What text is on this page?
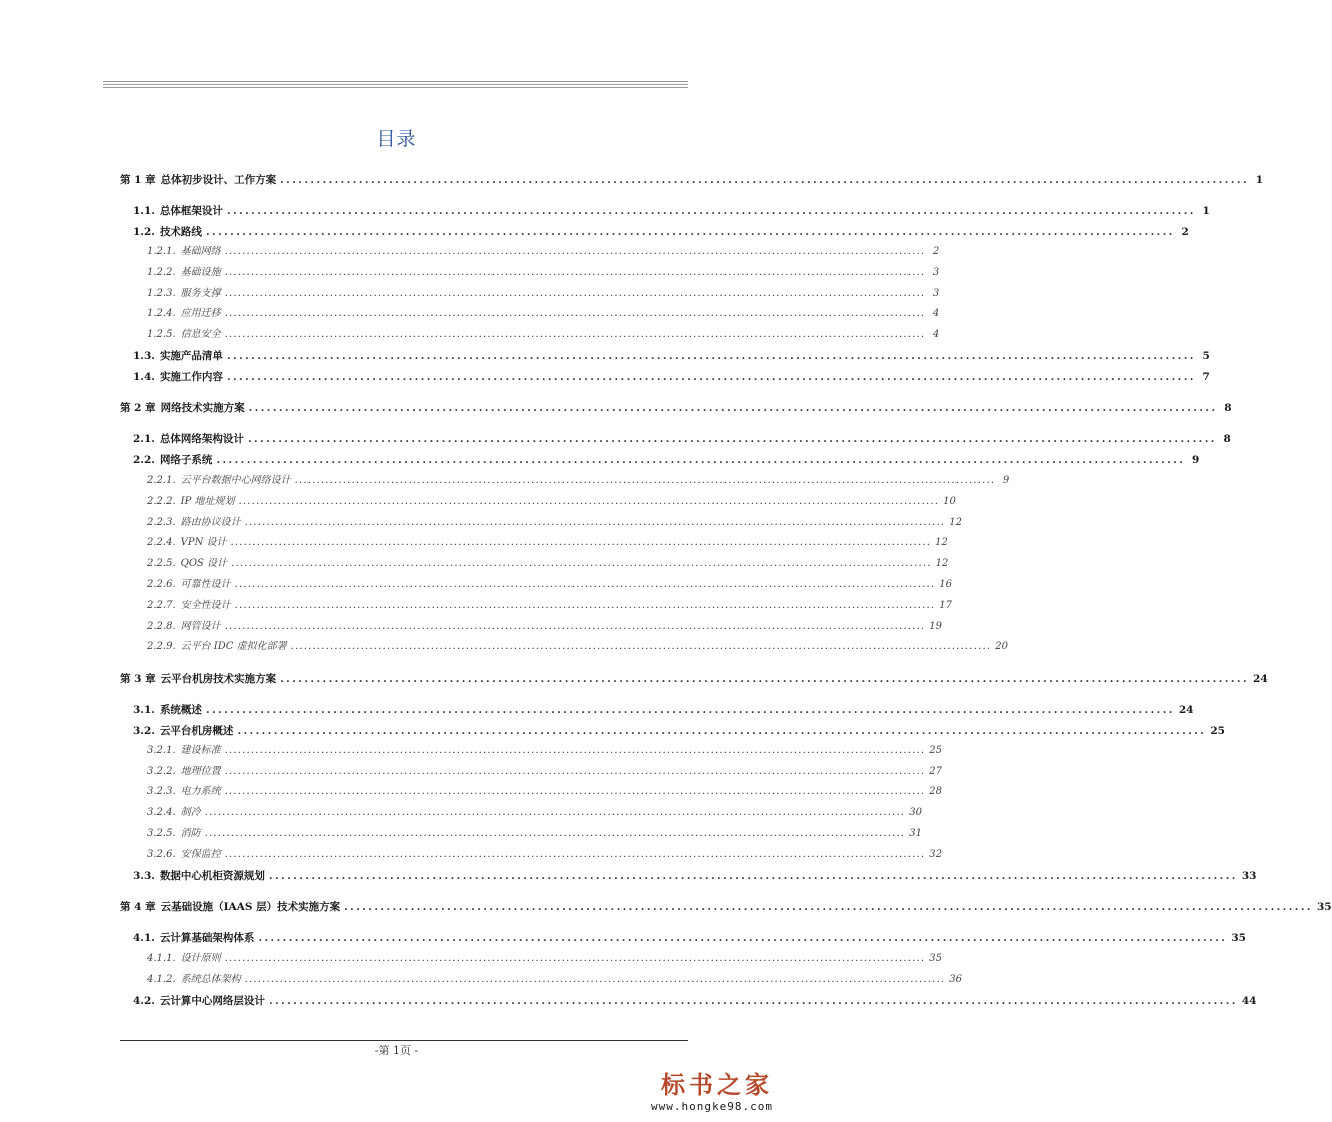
目录
第 1 章 总体初步设计、工作方案 ................................................................................................................................................................ 1
1.1. 总体框架设计 ................................................................................................................................................................ 1
1.2. 技术路线 ................................................................................................................................................................ 2
1.2.1. 基础网络 ................................................................................................................................................................ 2
1.2.2. 基础设施 ................................................................................................................................................................ 3
1.2.3. 服务支撑 ................................................................................................................................................................ 3
1.2.4. 应用迁移 ................................................................................................................................................................ 4
1.2.5. 信息安全 ................................................................................................................................................................ 4
1.3. 实施产品清单 ................................................................................................................................................................ 5
1.4. 实施工作内容 ................................................................................................................................................................ 7
第 2 章 网络技术实施方案 ................................................................................................................................................................ 8
2.1. 总体网络架构设计 ................................................................................................................................................................ 8
2.2. 网络子系统 ................................................................................................................................................................ 9
2.2.1. 云平台数据中心网络设计 ................................................................................................................................................................ 9
2.2.2. IP 地址规划 ................................................................................................................................................................ 10
2.2.3. 路由协议设计 ................................................................................................................................................................ 12
2.2.4. VPN 设计 ................................................................................................................................................................ 12
2.2.5. QOS 设计 ................................................................................................................................................................ 12
2.2.6. 可靠性设计 ................................................................................................................................................................ 16
2.2.7. 安全性设计 ................................................................................................................................................................ 17
2.2.8. 网管设计 ................................................................................................................................................................ 19
2.2.9. 云平台 IDC 虚拟化部署 ................................................................................................................................................................ 20
第 3 章 云平台机房技术实施方案 ................................................................................................................................................................ 24
3.1. 系统概述 ................................................................................................................................................................ 24
3.2. 云平台机房概述 ................................................................................................................................................................ 25
3.2.1. 建设标准 ................................................................................................................................................................ 25
3.2.2. 地理位置 ................................................................................................................................................................ 27
3.2.3. 电力系统 ................................................................................................................................................................ 28
3.2.4. 制冷 ................................................................................................................................................................ 30
3.2.5. 消防 ................................................................................................................................................................ 31
3.2.6. 安保监控 ................................................................................................................................................................ 32
3.3. 数据中心机柜资源规划 ................................................................................................................................................................ 33
第 4 章 云基础设施（IAAS 层）技术实施方案 ................................................................................................................................................................ 35
4.1. 云计算基础架构体系 ................................................................................................................................................................ 35
4.1.1. 设计原则 ................................................................................................................................................................ 35
4.1.2. 系统总体架构 ................................................................................................................................................................ 36
4.2. 云计算中心网络层设计 ................................................................................................................................................................ 44
-第 1页 -
标书之家
www.hongke98.com
